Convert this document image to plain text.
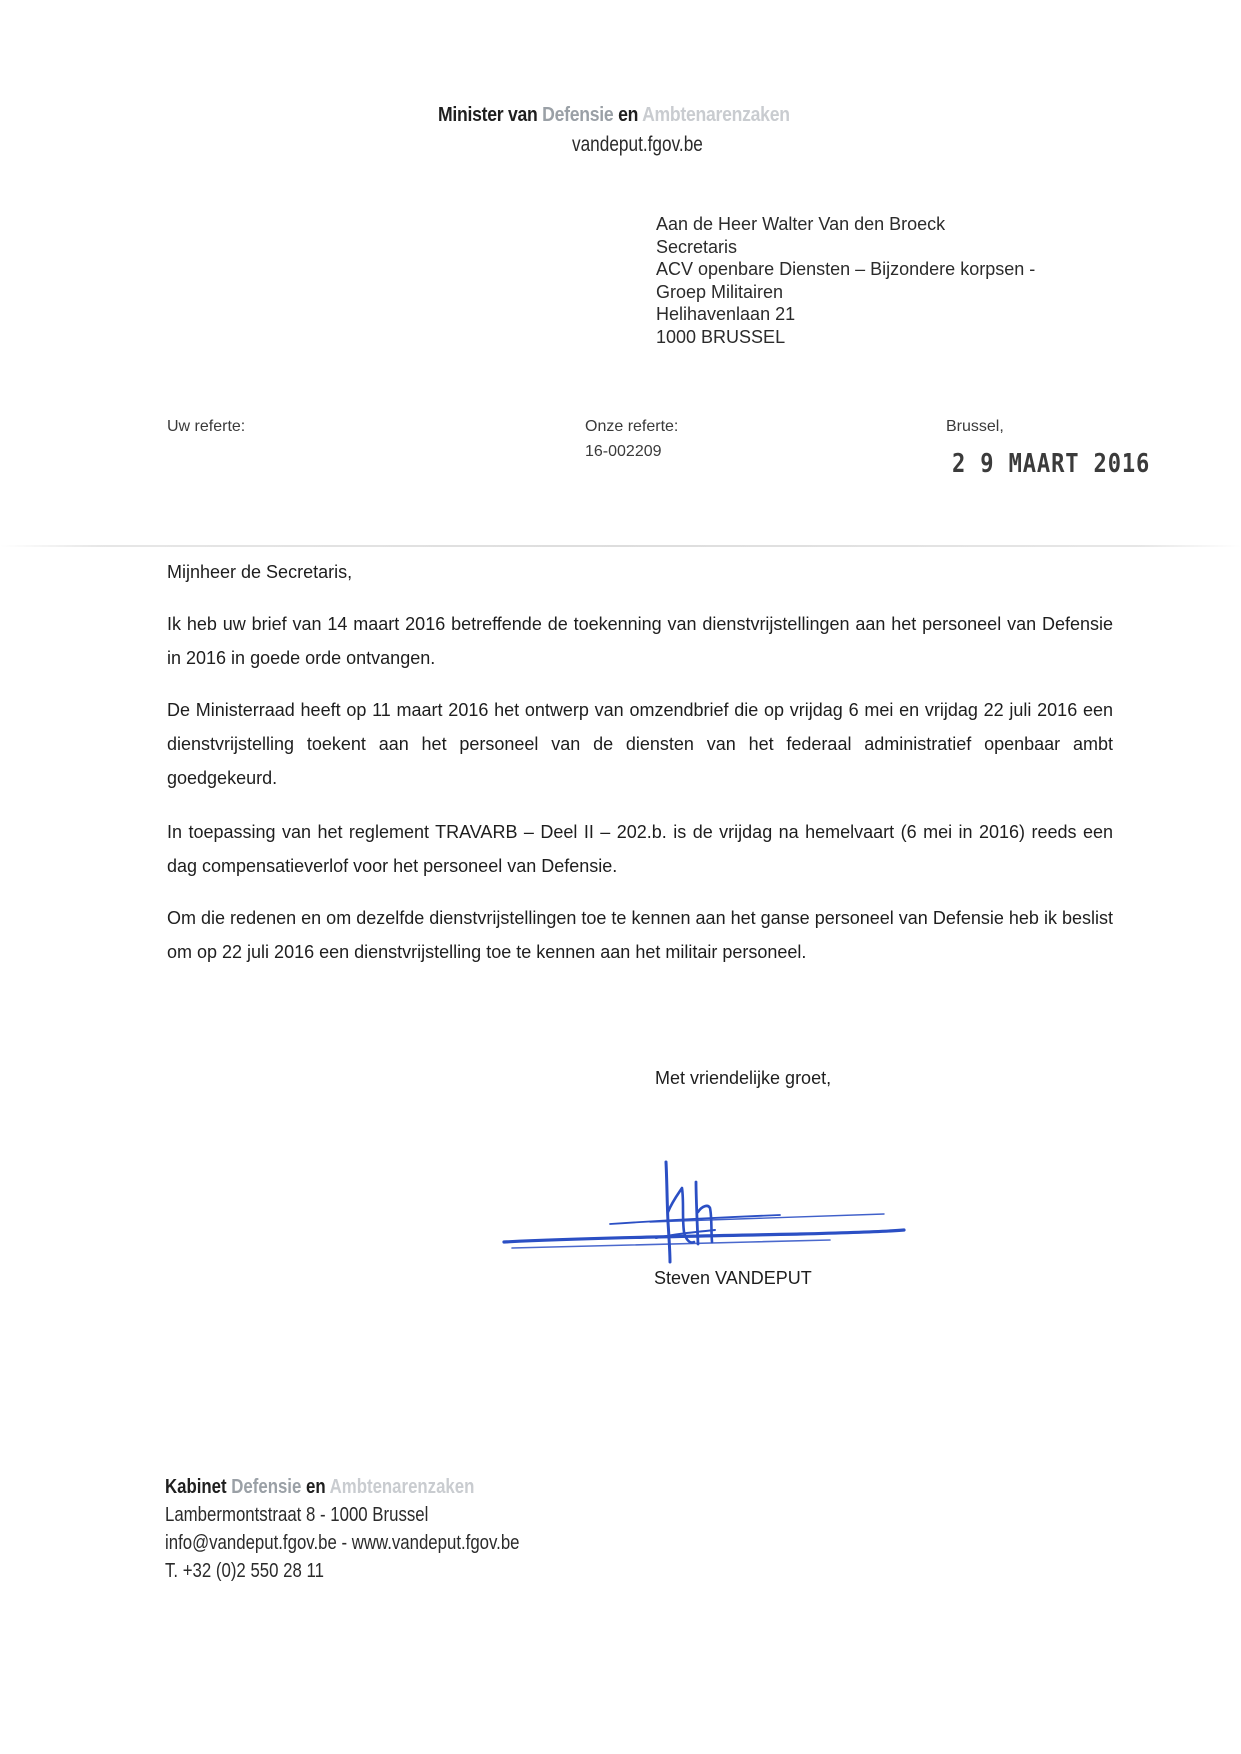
Minister van Defensie en Ambtenarenzaken
vandeput.fgov.be
Aan de Heer Walter Van den Broeck
Secretaris
ACV openbare Diensten – Bijzondere korpsen -
Groep Militairen
Helihavenlaan 21
1000 BRUSSEL
Uw referte:	Onze referte:
16-002209
Brussel,
2 9 MAART 2016
Mijnheer de Secretaris,
Ik heb uw brief van 14 maart 2016 betreffende de toekenning van dienstvrijstellingen aan het personeel van Defensie in 2016 in goede orde ontvangen.
De Ministerraad heeft op 11 maart 2016 het ontwerp van omzendbrief die op vrijdag 6 mei en vrijdag 22 juli 2016 een dienstvrijstelling toekent aan het personeel van de diensten van het federaal administratief openbaar ambt goedgekeurd.
In toepassing van het reglement TRAVARB – Deel II – 202.b. is de vrijdag na hemelvaart (6 mei in 2016) reeds een dag compensatieverlof voor het personeel van Defensie.
Om die redenen en om dezelfde dienstvrijstellingen toe te kennen aan het ganse personeel van Defensie heb ik beslist om op 22 juli 2016 een dienstvrijstelling toe te kennen aan het militair personeel.
Met vriendelijke groet,
Steven VANDEPUT
Kabinet Defensie en Ambtenarenzaken
Lambermontstraat 8 - 1000 Brussel
info@vandeput.fgov.be - www.vandeput.fgov.be
T. +32 (0)2 550 28 11
